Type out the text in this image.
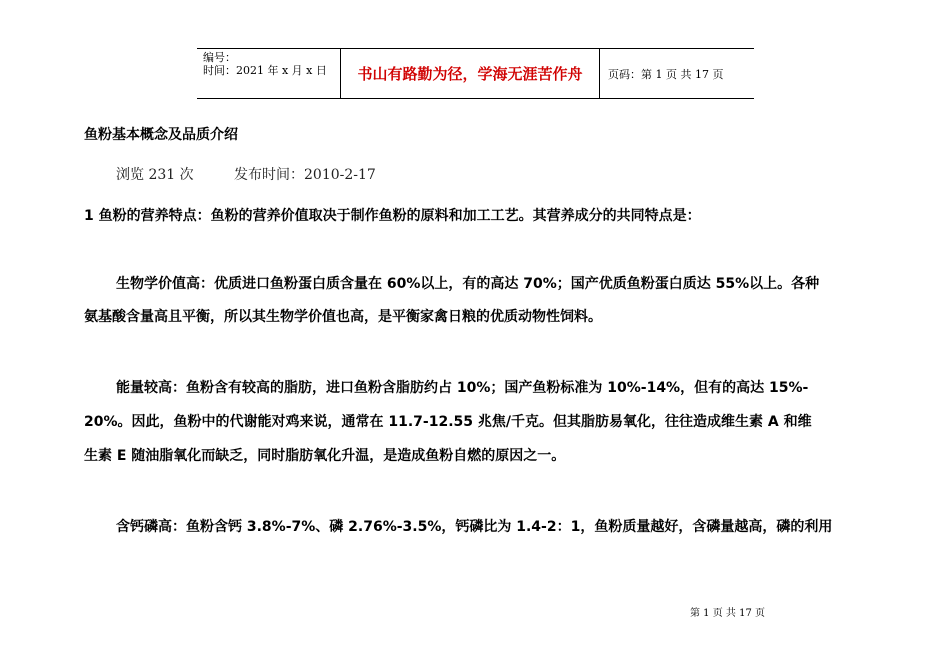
编号：
时间：2021 年 x 月 x 日	书山有路勤为径，学海无涯苦作舟 页码：第 1 页 共 17 页
鱼粉基本概念及品质介绍
浏览 231 次	发布时间：2010-2-17
1 鱼粉的营养特点：鱼粉的营养价值取决于制作鱼粉的原料和加工工艺。其营养成分的共同特点是：
生物学价值高：优质进口鱼粉蛋白质含量在 60%以上，有的高达 70%；国产优质鱼粉蛋白质达 55%以上。各种
氨基酸含量高且平衡，所以其生物学价值也高，是平衡家禽日粮的优质动物性饲料。
能量较高：鱼粉含有较高的脂肪，进口鱼粉含脂肪约占 10%；国产鱼粉标准为 10%-14%，但有的高达 15%-
20%。因此，鱼粉中的代谢能对鸡来说，通常在 11.7-12.55 兆焦/千克。但其脂肪易氧化，往往造成维生素 A 和维
生素 E 随油脂氧化而缺乏，同时脂肪氧化升温，是造成鱼粉自燃的原因之一。
含钙磷高：鱼粉含钙 3.8%-7%、磷 2.76%-3.5%，钙磷比为 1.4-2：1，鱼粉质量越好，含磷量越高，磷的利用
第 1 页 共 17 页
